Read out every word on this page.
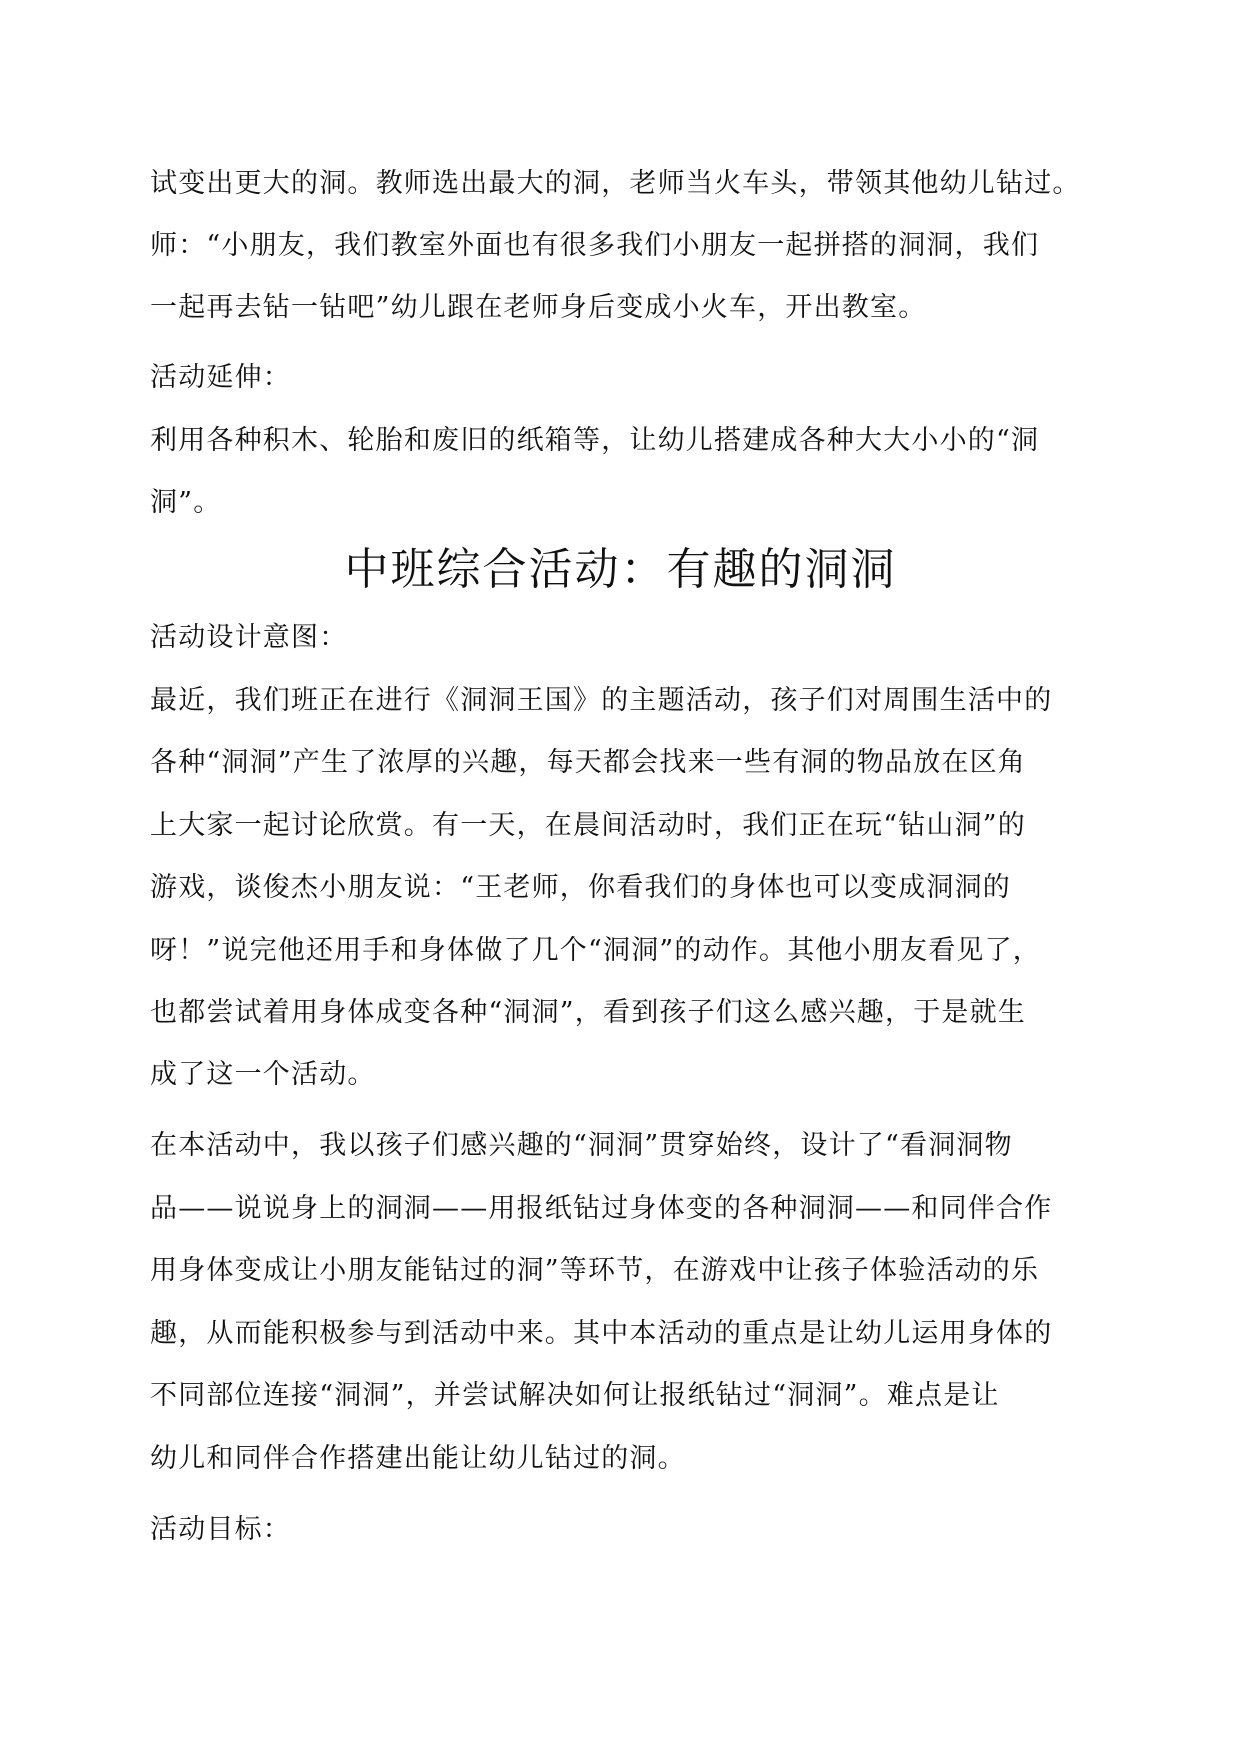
试变出更大的洞。教师选出最大的洞，老师当火车头，带领其他幼儿钻过。
师：“小朋友，我们教室外面也有很多我们小朋友一起拼搭的洞洞，我们
一起再去钻一钻吧”幼儿跟在老师身后变成小火车，开出教室。
活动延伸：
利用各种积木、轮胎和废旧的纸箱等，让幼儿搭建成各种大大小小的“洞
洞”。
中班综合活动：有趣的洞洞
活动设计意图：
最近，我们班正在进行《洞洞王国》的主题活动，孩子们对周围生活中的
各种“洞洞”产生了浓厚的兴趣，每天都会找来一些有洞的物品放在区角
上大家一起讨论欣赏。有一天，在晨间活动时，我们正在玩“钻山洞”的
游戏，谈俊杰小朋友说：“王老师，你看我们的身体也可以变成洞洞的
呀！”说完他还用手和身体做了几个“洞洞”的动作。其他小朋友看见了，
也都尝试着用身体成变各种“洞洞”，看到孩子们这么感兴趣，于是就生
成了这一个活动。
在本活动中，我以孩子们感兴趣的“洞洞”贯穿始终，设计了“看洞洞物
品——说说身上的洞洞——用报纸钻过身体变的各种洞洞——和同伴合作
用身体变成让小朋友能钻过的洞”等环节，在游戏中让孩子体验活动的乐
趣，从而能积极参与到活动中来。其中本活动的重点是让幼儿运用身体的
不同部位连接“洞洞”，并尝试解决如何让报纸钻过“洞洞”。难点是让
幼儿和同伴合作搭建出能让幼儿钻过的洞。
活动目标：
